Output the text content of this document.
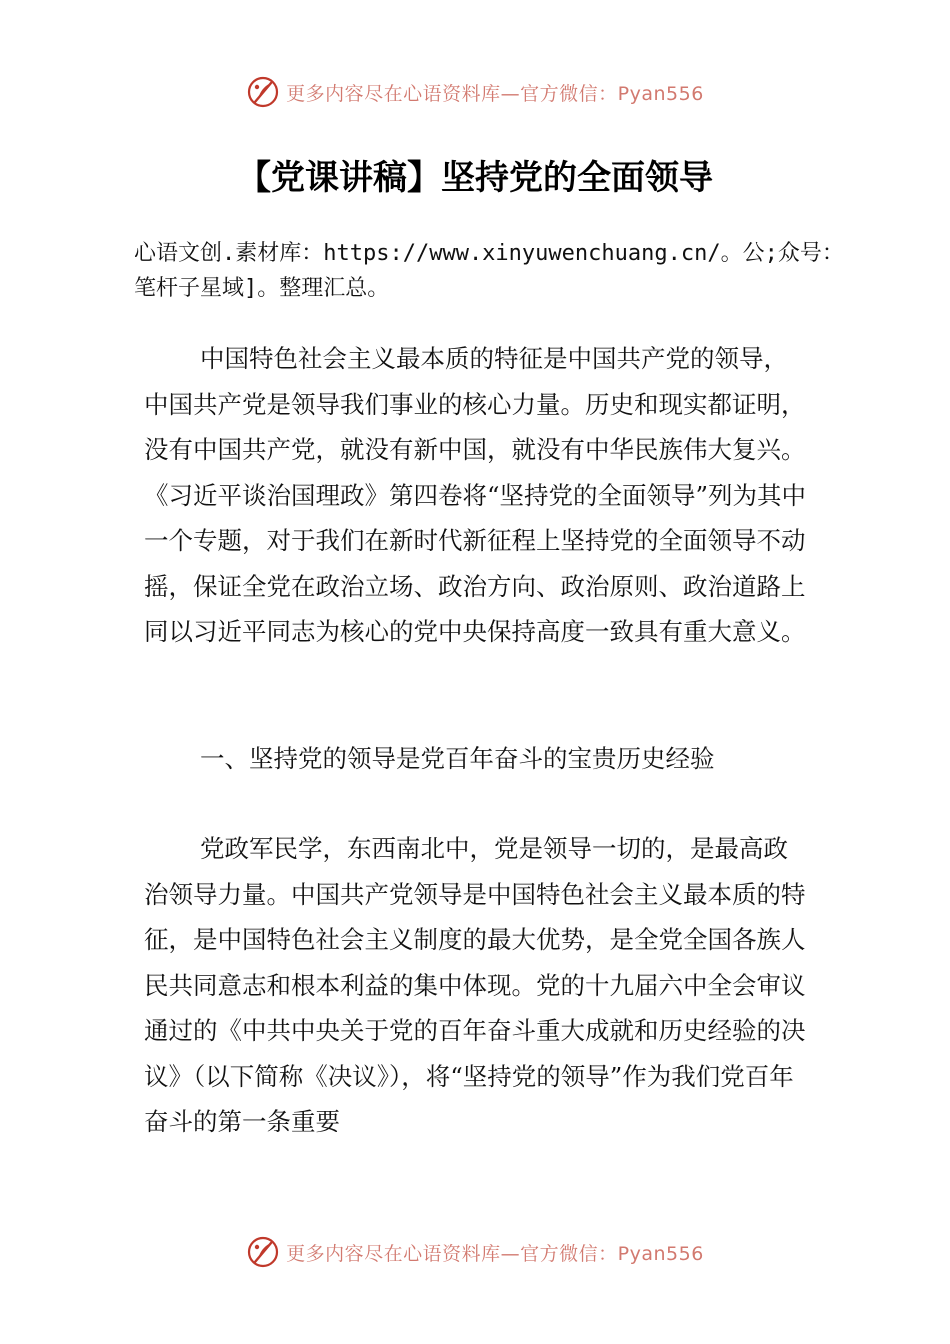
更多内容尽在心语资料库—官方微信：Pyan556
【党课讲稿】坚持党的全面领导
心语文创.素材库：https://www.xinyuwenchuang.cn/。公;众号：笔杆子星域]。整理汇总。
中国特色社会主义最本质的特征是中国共产党的领导，中国共产党是领导我们事业的核心力量。历史和现实都证明，没有中国共产党，就没有新中国，就没有中华民族伟大复兴。《习近平谈治国理政》第四卷将“坚持党的全面领导”列为其中一个专题，对于我们在新时代新征程上坚持党的全面领导不动摇，保证全党在政治立场、政治方向、政治原则、政治道路上同以习近平同志为核心的党中央保持高度一致具有重大意义。
一、坚持党的领导是党百年奋斗的宝贵历史经验
党政军民学，东西南北中，党是领导一切的，是最高政治领导力量。中国共产党领导是中国特色社会主义最本质的特征，是中国特色社会主义制度的最大优势，是全党全国各族人民共同意志和根本利益的集中体现。党的十九届六中全会审议通过的《中共中央关于党的百年奋斗重大成就和历史经验的决议》（以下简称《决议》），将“坚持党的领导”作为我们党百年奋斗的第一条重要
更多内容尽在心语资料库—官方微信：Pyan556
